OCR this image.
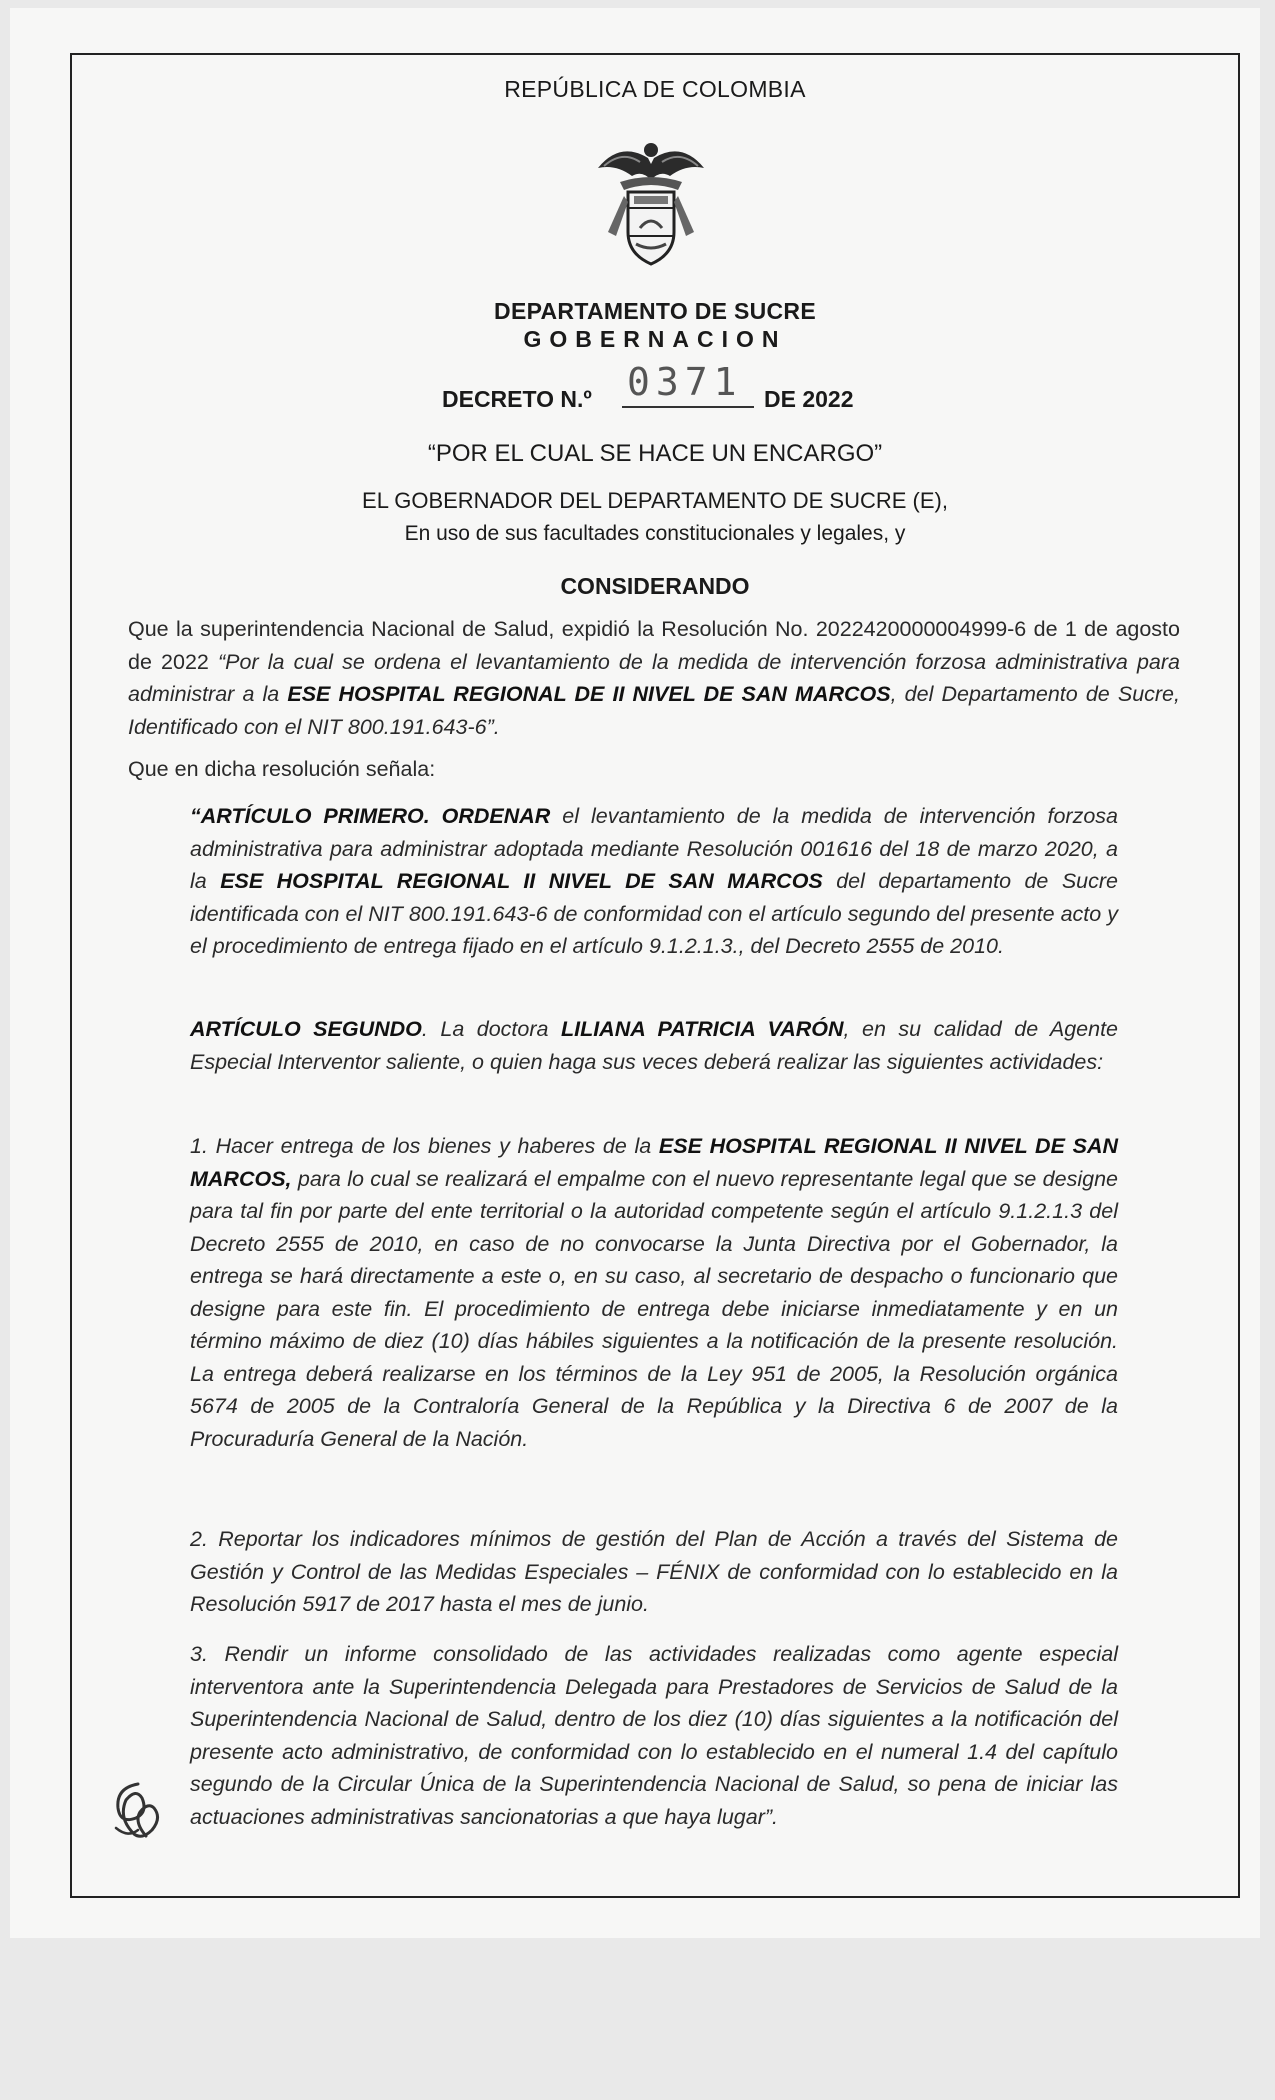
REPÚBLICA DE COLOMBIA
DEPARTAMENTO DE SUCRE
GOBERNACION
DECRETO N.º 0371 DE 2022
“POR EL CUAL SE HACE UN ENCARGO”
EL GOBERNADOR DEL DEPARTAMENTO DE SUCRE (E),
En uso de sus facultades constitucionales y legales, y
CONSIDERANDO
Que la superintendencia Nacional de Salud, expidió la Resolución No. 2022420000004999-6 de 1 de agosto de 2022 “Por la cual se ordena el levantamiento de la medida de intervención forzosa administrativa para administrar a la ESE HOSPITAL REGIONAL DE II NIVEL DE SAN MARCOS, del Departamento de Sucre, Identificado con el NIT 800.191.643-6”.
Que en dicha resolución señala:
“ARTÍCULO PRIMERO. ORDENAR el levantamiento de la medida de intervención forzosa administrativa para administrar adoptada mediante Resolución 001616 del 18 de marzo 2020, a la ESE HOSPITAL REGIONAL II NIVEL DE SAN MARCOS del departamento de Sucre identificada con el NIT 800.191.643-6 de conformidad con el artículo segundo del presente acto y el procedimiento de entrega fijado en el artículo 9.1.2.1.3., del Decreto 2555 de 2010.
ARTÍCULO SEGUNDO. La doctora LILIANA PATRICIA VARÓN, en su calidad de Agente Especial Interventor saliente, o quien haga sus veces deberá realizar las siguientes actividades:
1. Hacer entrega de los bienes y haberes de la ESE HOSPITAL REGIONAL II NIVEL DE SAN MARCOS, para lo cual se realizará el empalme con el nuevo representante legal que se designe para tal fin por parte del ente territorial o la autoridad competente según el artículo 9.1.2.1.3 del Decreto 2555 de 2010, en caso de no convocarse la Junta Directiva por el Gobernador, la entrega se hará directamente a este o, en su caso, al secretario de despacho o funcionario que designe para este fin. El procedimiento de entrega debe iniciarse inmediatamente y en un término máximo de diez (10) días hábiles siguientes a la notificación de la presente resolución. La entrega deberá realizarse en los términos de la Ley 951 de 2005, la Resolución orgánica 5674 de 2005 de la Contraloría General de la República y la Directiva 6 de 2007 de la Procuraduría General de la Nación.
2. Reportar los indicadores mínimos de gestión del Plan de Acción a través del Sistema de Gestión y Control de las Medidas Especiales – FÉNIX de conformidad con lo establecido en la Resolución 5917 de 2017 hasta el mes de junio.
3. Rendir un informe consolidado de las actividades realizadas como agente especial interventora ante la Superintendencia Delegada para Prestadores de Servicios de Salud de la Superintendencia Nacional de Salud, dentro de los diez (10) días siguientes a la notificación del presente acto administrativo, de conformidad con lo establecido en el numeral 1.4 del capítulo segundo de la Circular Única de la Superintendencia Nacional de Salud, so pena de iniciar las actuaciones administrativas sancionatorias a que haya lugar”.
